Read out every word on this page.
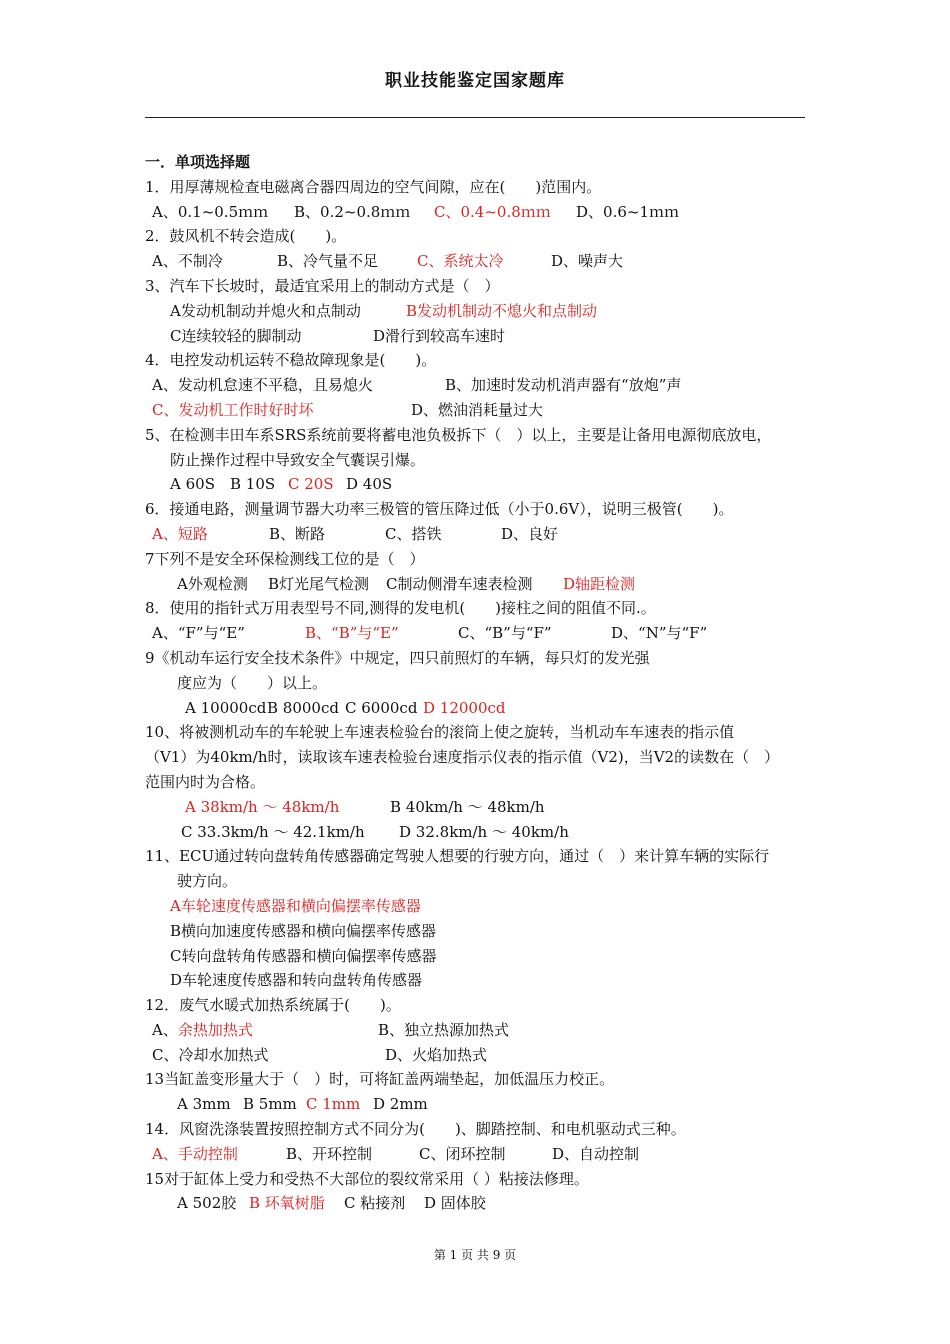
职业技能鉴定国家题库
一．单项选择题
1．用厚薄规检查电磁离合器四周边的空气间隙，应在(　　)范围内。
A、0.1~0.5ｍｍ B、0.2~0.8ｍｍ C、0.4~0.8ｍｍ D、0.6~1ｍｍ
2．鼓风机不转会造成(　　)。
A、不制冷	B、冷气量不足	C、系统太冷	D、噪声大
3、汽车下长坡时，最适宜采用上的制动方式是（　）
A发动机制动并熄火和点制动	B发动机制动不熄火和点制动
C连续较轻的脚制动	D滑行到较高车速时
4．电控发动机运转不稳故障现象是(　　)。
A、发动机怠速不平稳，且易熄火	B、加速时发动机消声器有“放炮”声
C、发动机工作时好时坏	D、燃油消耗量过大
5、在检测丰田车系SRS系统前要将蓄电池负极拆下（　）以上，主要是让备用电源彻底放电，
防止操作过程中导致安全气囊误引爆。
A 60S B 10S C 20S D 40S
6．接通电路，测量调节器大功率三极管的管压降过低（小于0.6V），说明三极管(　　)。
A、短路	B、断路	C、搭铁	D、良好
7下列不是安全环保检测线工位的是（　）
A外观检测 B灯光尾气检测 C制动侧滑车速表检测 D轴距检测
8．使用的指针式万用表型号不同,测得的发电机(　　)接柱之间的阻值不同.。
A、“F”与“E”	B、“B”与“E”	C、“B”与“F”	D、“N”与“F”
9《机动车运行安全技术条件》中规定，四只前照灯的车辆，每只灯的发光强
度应为（　　）以上。
A 10000cdB 8000cd C 6000cd D 12000cd
10、将被测机动车的车轮驶上车速表检验台的滚筒上使之旋转，当机动车车速表的指示值
（V1）为40km/h时，读取该车速表检验台速度指示仪表的指示值（V2)，当V2的读数在（　）
范围内时为合格。
A 38km/h ～ 48km/h	B 40km/h ～ 48km/h
C 33.3km/h ～ 42.1km/h D 32.8km/h ～ 40km/h
11、ECU通过转向盘转角传感器确定驾驶人想要的行驶方向，通过（　）来计算车辆的实际行
驶方向。
A车轮速度传感器和横向偏摆率传感器
B横向加速度传感器和横向偏摆率传感器
C转向盘转角传感器和横向偏摆率传感器
D车轮速度传感器和转向盘转角传感器
12．废气水暖式加热系统属于(　　)。
A、余热加热式	B、独立热源加热式
C、冷却水加热式	D、火焰加热式
13当缸盖变形量大于（　）时，可将缸盖两端垫起，加低温压力校正。
A 3mm B 5mm C 1mm D 2mm
14．风窗洗涤装置按照控制方式不同分为(　　)、脚踏控制、和电机驱动式三种。
A、手动控制	B、开环控制	C、闭环控制	D、自动控制
15对于缸体上受力和受热不大部位的裂纹常采用（ ）粘接法修理。
A 502胶 B 环氧树脂 C 粘接剂 D 固体胶
第 1 页 共 9 页
